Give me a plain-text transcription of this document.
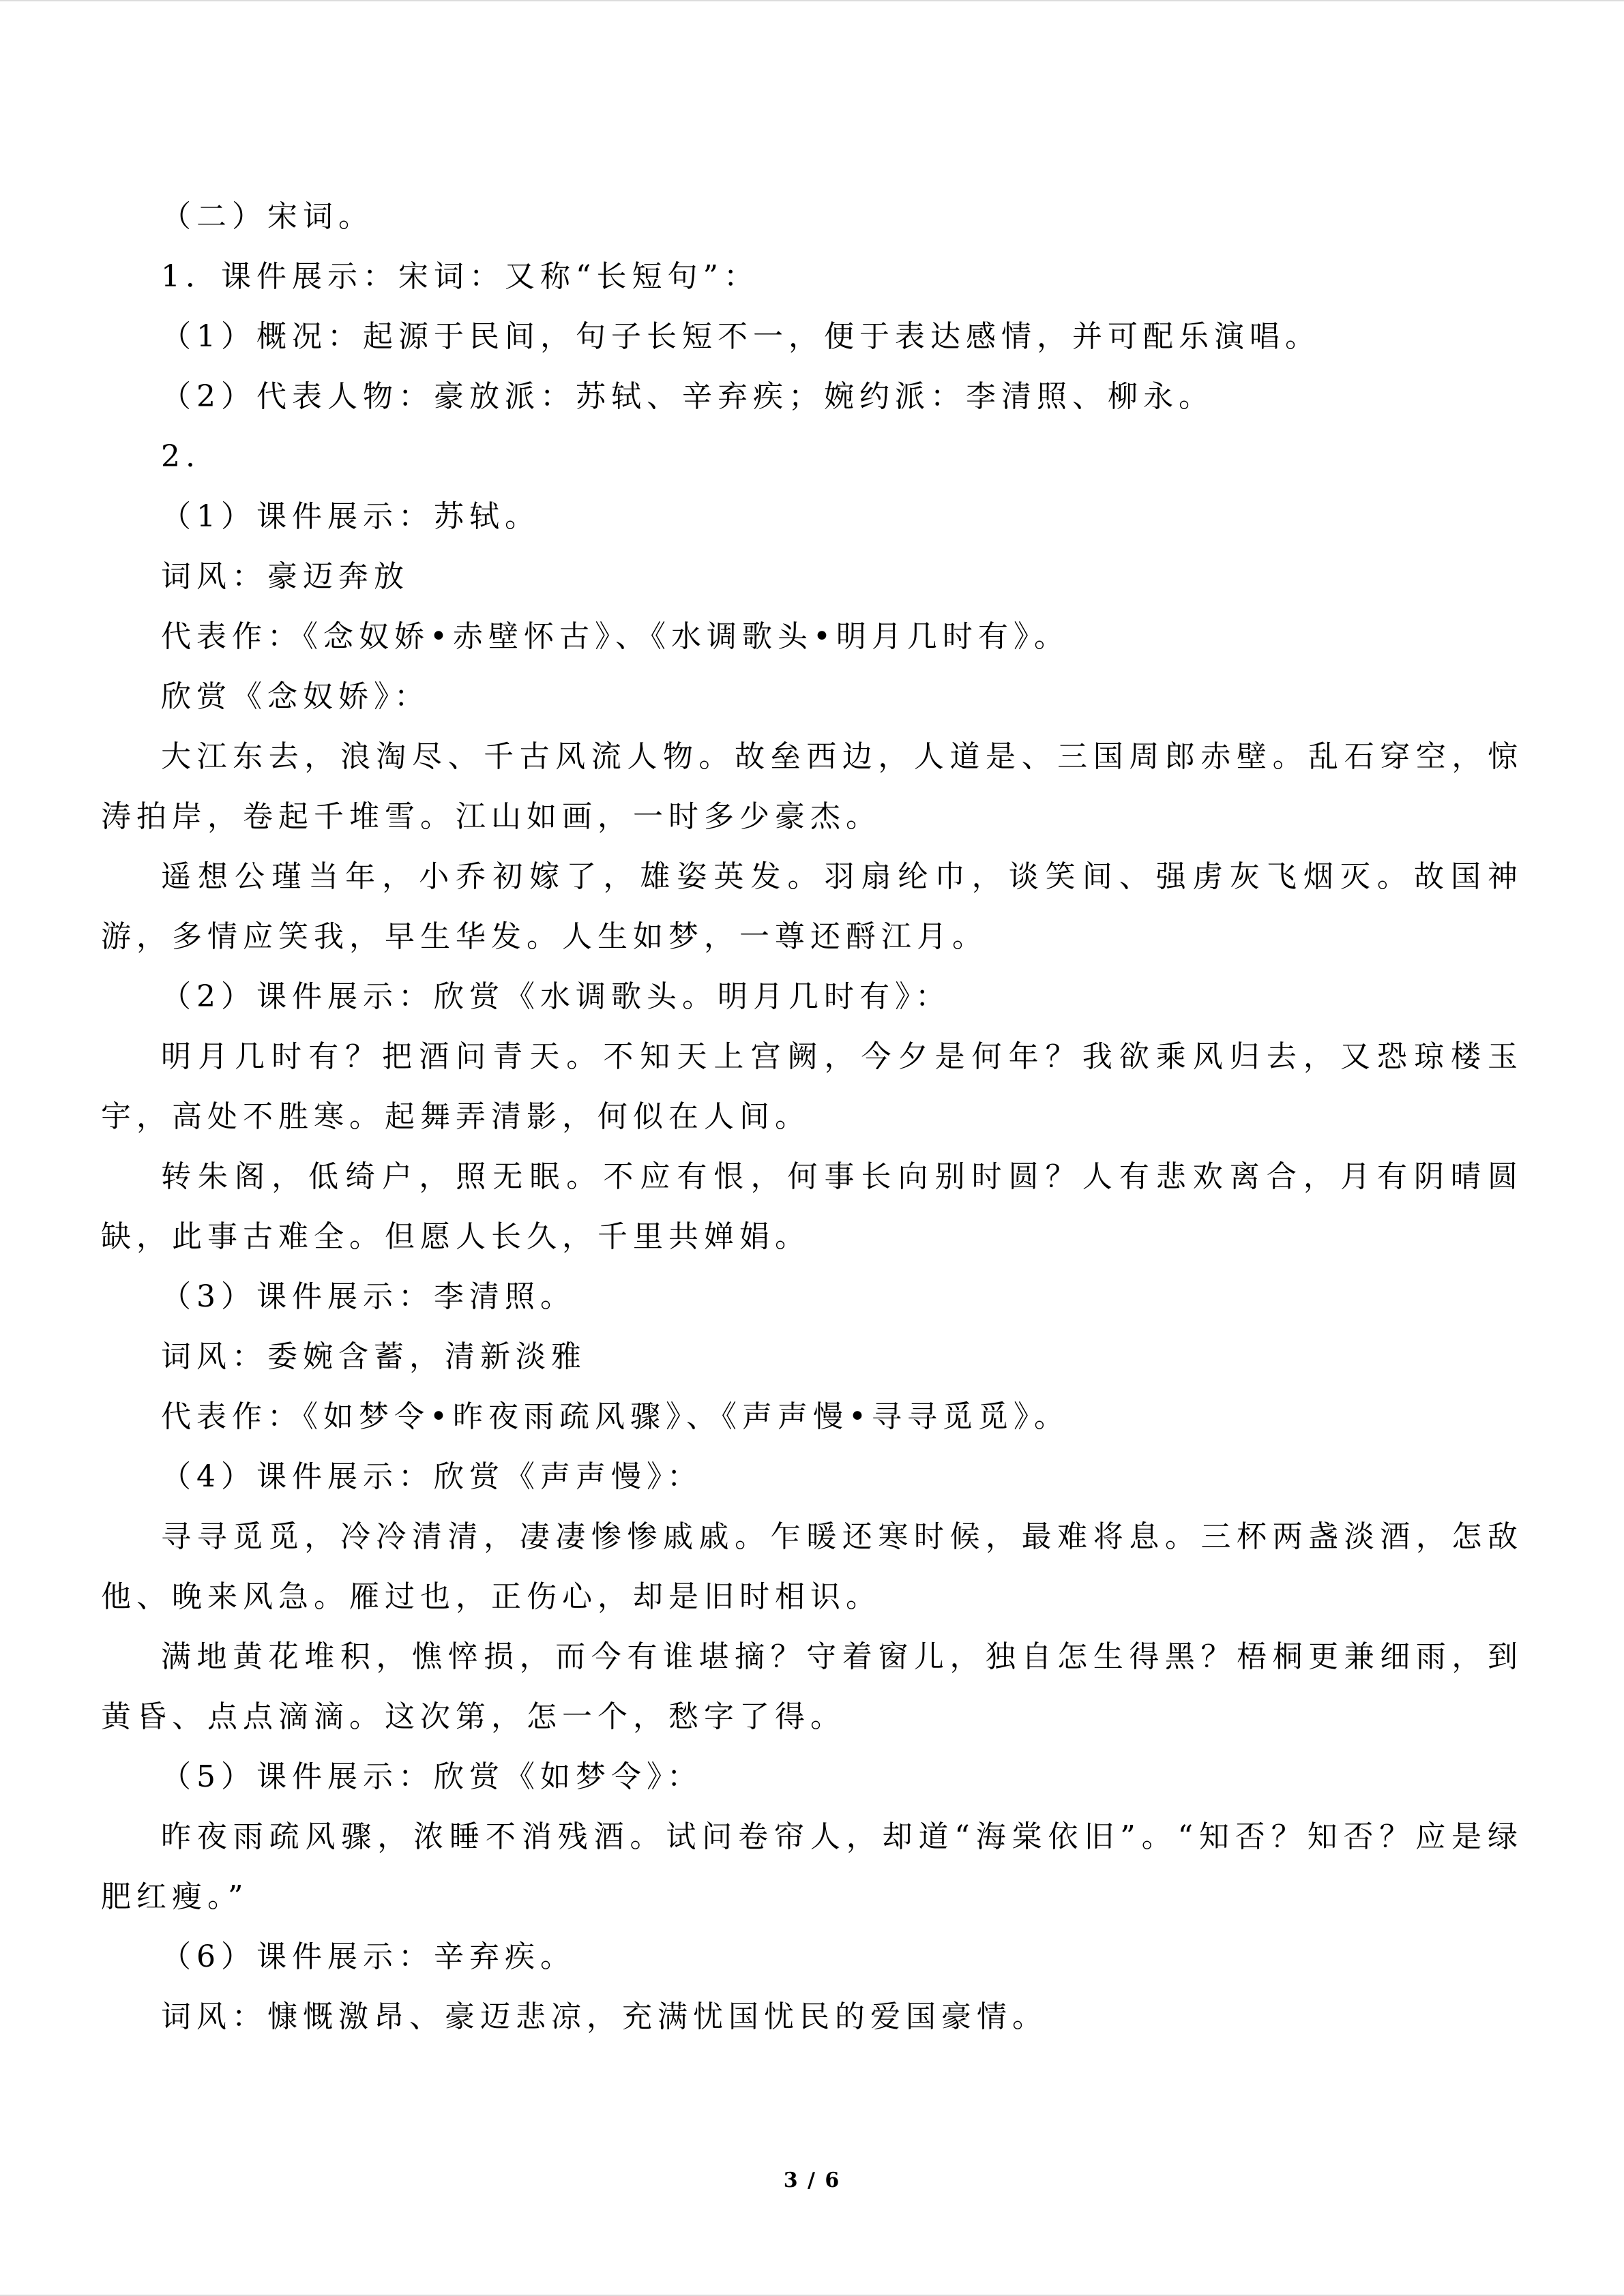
（二）宋词。

1．课件展示：宋词：又称“长短句”：

（1）概况：起源于民间，句子长短不一，便于表达感情，并可配乐演唱。

（2）代表人物：豪放派：苏轼、辛弃疾；婉约派：李清照、柳永。

2.

（1）课件展示：苏轼。

词风：豪迈奔放

代表作：《念奴娇•赤壁怀古》、《水调歌头•明月几时有》。

欣赏《念奴娇》：

大江东去，浪淘尽、千古风流人物。故垒西边，人道是、三国周郎赤壁。乱石穿空，惊涛拍岸，卷起千堆雪。江山如画，一时多少豪杰。

遥想公瑾当年，小乔初嫁了，雄姿英发。羽扇纶巾，谈笑间、强虏灰飞烟灭。故国神游，多情应笑我，早生华发。人生如梦，一尊还酹江月。

（2）课件展示：欣赏《水调歌头。明月几时有》：

明月几时有？把酒问青天。不知天上宫阙，今夕是何年？我欲乘风归去，又恐琼楼玉宇，高处不胜寒。起舞弄清影，何似在人间。

转朱阁，低绮户，照无眠。不应有恨，何事长向别时圆？人有悲欢离合，月有阴晴圆缺，此事古难全。但愿人长久，千里共婵娟。

（3）课件展示：李清照。

词风：委婉含蓄，清新淡雅

代表作：《如梦令•昨夜雨疏风骤》、《声声慢•寻寻觅觅》。

（4）课件展示：欣赏《声声慢》：

寻寻觅觅，冷冷清清，凄凄惨惨戚戚。乍暖还寒时候，最难将息。三杯两盏淡酒，怎敌他、晚来风急。雁过也，正伤心，却是旧时相识。

满地黄花堆积，憔悴损，而今有谁堪摘？守着窗儿，独自怎生得黑？梧桐更兼细雨，到黄昏、点点滴滴。这次第，怎一个，愁字了得。

（5）课件展示：欣赏《如梦令》：

昨夜雨疏风骤，浓睡不消残酒。试问卷帘人，却道“海棠依旧”。“知否？知否？应是绿肥红瘦。”

（6）课件展示：辛弃疾。

词风：慷慨激昂、豪迈悲凉，充满忧国忧民的爱国豪情。

3 / 6
